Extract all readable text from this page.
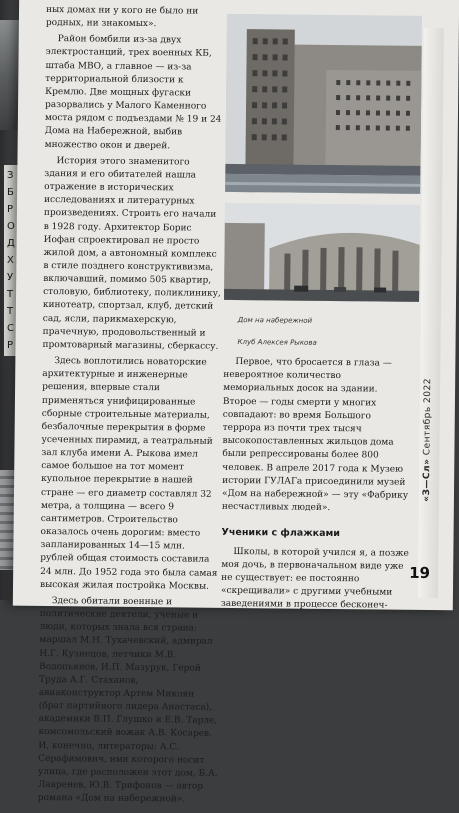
З
Б
Р
О
Д
Х
У
Т
Т
С
Р

ных домах ни у кого не было ни родных, ни знакомых».

Район бомбили из-за двух электростанций, трех военных КБ, штаба МВО, а главное — из-за территориальной близости к Кремлю. Две мощных фугаски разорвались у Малого Каменного моста рядом с подъездами № 19 и 24 Дома на Набережной, выбив множество окон и дверей.

История этого знаменитого здания и его обитателей нашла отражение в исторических исследованиях и литературных произведениях. Строить его начали в 1928 году. Архитектор Борис Иофан спроектировал не просто жилой дом, а автономный комплекс в стиле позднего конструктивизма, включавший, помимо 505 квартир, столовую, библиотеку, поликлинику, кинотеатр, спортзал, клуб, детский сад, ясли, парикмахерскую, прачечную, продовольственный и промтоварный магазины, сберкассу.

Здесь воплотились новаторские архитектурные и инженерные решения, впервые стали применяться унифицированные сборные строительные материалы, безбалочные перекрытия в форме усеченных пирамид, а театральный зал клуба имени А. Рыкова имел самое большое на тот момент купольное перекрытие в нашей стране — его диаметр составлял 32 метра, а толщина — всего 9 сантиметров. Строительство оказалось очень дорогим: вместо запланированных 14—15 млн. рублей общая стоимость составила 24 млн. До 1952 года это была самая высокая жилая постройка Москвы.

Здесь обитали военные и политические деятели, ученые и люди, которых знала вся страна: маршал М.Н. Тухачевский, адмирал Н.Г. Кузнецов, летчики М.В. Водопьянов, И.П. Мазурук, Герой Труда А.Г. Стаханов, авиаконструктор Артем Микоян (брат партийного лидера Анастаса), академики В.П. Глушко и Е.В. Тарле, комсомольский вожак А.В. Косарев. И, конечно, литераторы: А.С. Серафимович, имя которого носит улица, где расположен этот дом, Б.А. Лавренев, Ю.В. Трифонов — автор романа «Дом на набережной».

Дом на набережной
Клуб Алексея Рыкова

Первое, что бросается в глаза — невероятное количество мемориальных досок на здании. Второе — годы смерти у многих совпадают: во время Большого террора из почти трех тысяч высокопоставленных жильцов дома были репрессированы более 800 человек. В апреле 2017 года к Музею истории ГУЛАГа присоединили музей «Дом на набережной» — эту «Фабрику несчастливых людей».

Ученики с флажками

Школы, в которой учился я, а позже моя дочь, в первоначальном виде уже не существует: ее постоянно «скрещивали» с другими учебными заведениями в процессе бесконеч-

«З—Сл» Сентябрь 2022
19
